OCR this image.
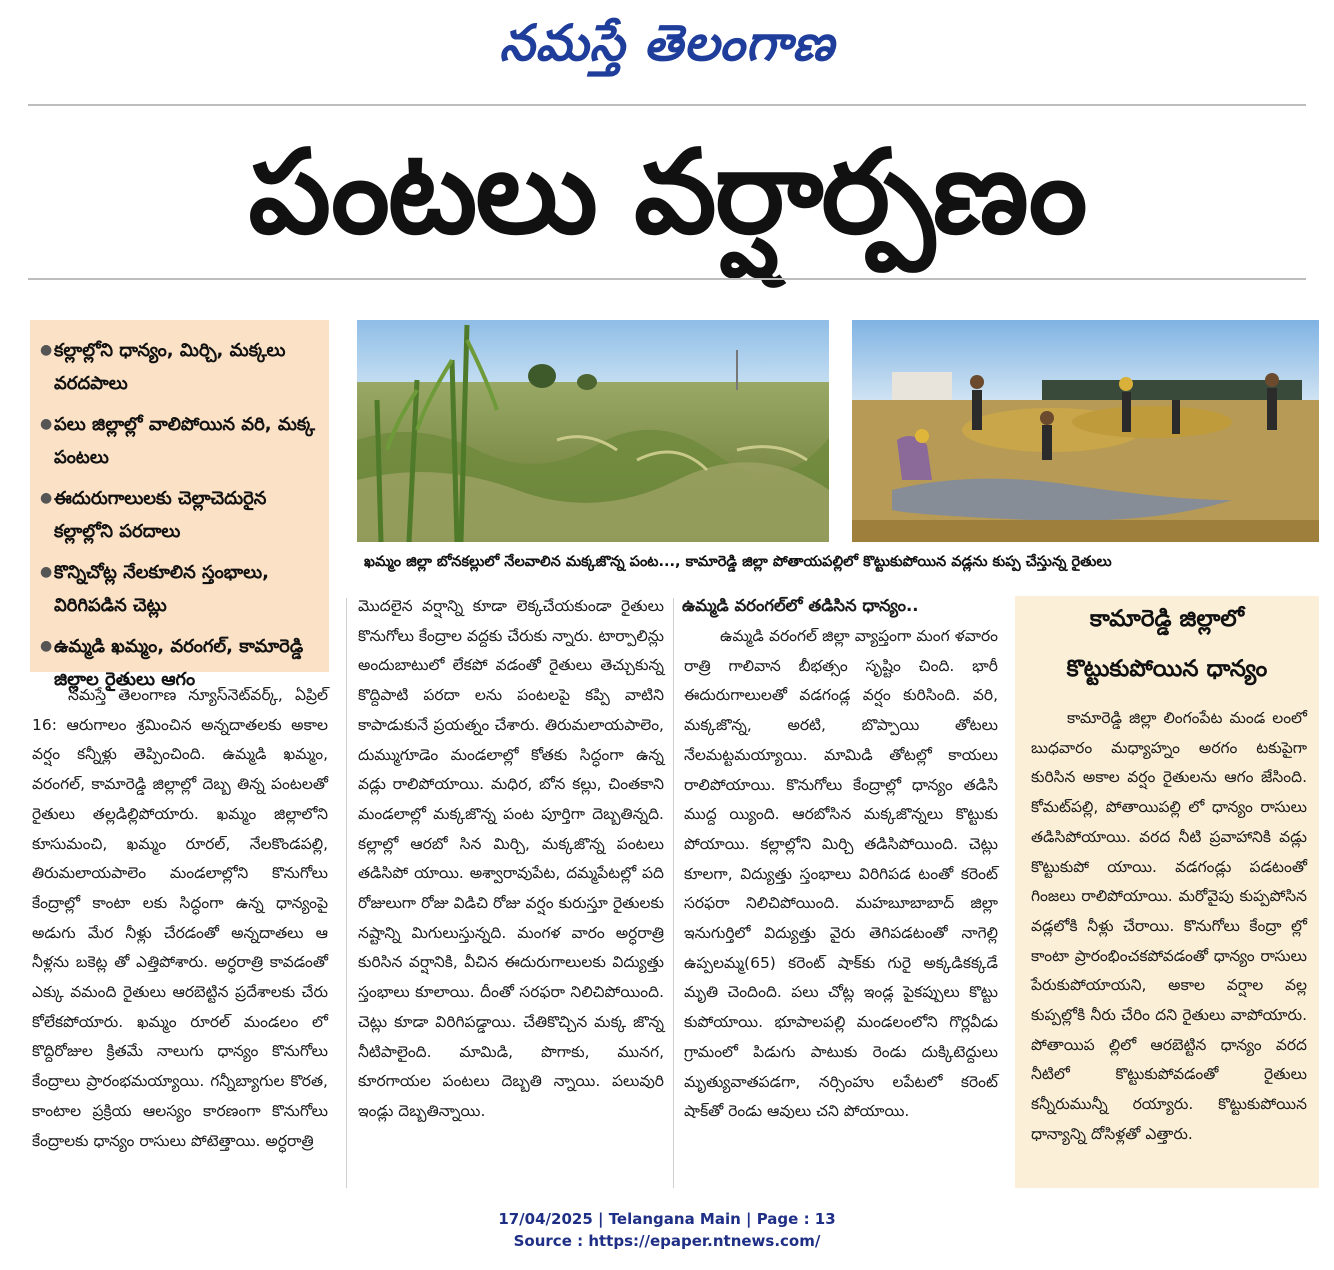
నమస్తే తెలంగాణ
పంటలు వర్షార్పణం
● కల్లాల్లోని ధాన్యం, మిర్చి, మక్కలు వరదపాలు
● పలు జిల్లాల్లో వాలిపోయిన వరి, మక్క పంటలు
● ఈదురుగాలులకు చెల్లాచెదురైన కల్లాల్లోని పరదాలు
● కొన్నిచోట్ల నేలకూలిన స్తంభాలు, విరిగిపడిన చెట్లు
● ఉమ్మడి ఖమ్మం, వరంగల్, కామారెడ్డి జిల్లాల రైతులు ఆగం
ఖమ్మం జిల్లా బోనకల్లులో నేలవాలిన మక్కజొన్న పంట..., కామారెడ్డి జిల్లా పోతాయపల్లిలో కొట్టుకుపోయిన వడ్లను కుప్ప చేస్తున్న రైతులు

నమస్తే తెలంగాణ న్యూస్‌నెట్‌వర్క్, ఏప్రిల్ 16: ఆరుగాలం శ్రమించిన అన్నదాతలకు అకాల వర్షం కన్నీళ్లు తెప్పించింది. ఉమ్మడి ఖమ్మం, వరంగల్, కామారెడ్డి జిల్లాల్లో దెబ్బ తిన్న పంటలతో రైతులు తల్లడిల్లిపోయారు. ఖమ్మం జిల్లాలోని కూసుమంచి, ఖమ్మం రూరల్, నేలకొండపల్లి, తిరుమలాయపాలెం మండలాల్లోని కొనుగోలు కేంద్రాల్లో కాంటా లకు సిద్ధంగా ఉన్న ధాన్యంపై అడుగు మేర నీళ్లు చేరడంతో అన్నదాతలు ఆ నీళ్లను బకెట్ల తో ఎత్తిపోశారు. అర్ధరాత్రి కావడంతో ఎక్కు వమంది రైతులు ఆరబెట్టిన ప్రదేశాలకు చేరు కోలేకపోయారు. ఖమ్మం రూరల్ మండలం లో కొద్దిరోజుల క్రితమే నాలుగు ధాన్యం కొనుగోలు కేంద్రాలు ప్రారంభమయ్యాయి. గన్నీబ్యాగుల కొరత, కాంటాల ప్రక్రియ ఆలస్యం కారణంగా కొనుగోలు కేంద్రాలకు ధాన్యం రాసులు పోటెత్తాయి. అర్ధరాత్రి

మొదలైన వర్షాన్ని కూడా లెక్కచేయకుండా రైతులు కొనుగోలు కేంద్రాల వద్దకు చేరుకు న్నారు. టార్పాలిన్లు అందుబాటులో లేకపో వడంతో రైతులు తెచ్చుకున్న కొద్దిపాటి పరదా లను పంటలపై కప్పి వాటిని కాపాడుకునే ప్రయత్నం చేశారు. తిరుమలాయపాలెం, దుమ్ముగూడెం మండలాల్లో కోతకు సిద్ధంగా ఉన్న వడ్లు రాలిపోయాయి. మధిర, బోన కల్లు, చింతకాని మండలాల్లో మక్కజొన్న పంట పూర్తిగా దెబ్బతిన్నది. కల్లాల్లో ఆరబో సిన మిర్చి, మక్కజొన్న పంటలు తడిసిపో యాయి. అశ్వారావుపేట, దమ్మపేటల్లో పది రోజులుగా రోజు విడిచి రోజు వర్షం కురుస్తూ రైతులకు నష్టాన్ని మిగులుస్తున్నది. మంగళ వారం అర్ధరాత్రి కురిసిన వర్షానికి, వీచిన ఈదురుగాలులకు విద్యుత్తు స్తంభాలు కూలాయి. దీంతో సరఫరా నిలిచిపోయింది. చెట్లు కూడా విరిగిపడ్డాయి. చేతికొచ్చిన మక్క జొన్న నీటిపాలైంది. మామిడి, పొగాకు, మునగ, కూరగాయల పంటలు దెబ్బతి న్నాయి. పలువురి ఇండ్లు దెబ్బతిన్నాయి.

ఉమ్మడి వరంగల్‌లో తడిసిన ధాన్యం..

ఉమ్మడి వరంగల్ జిల్లా వ్యాప్తంగా మంగ ళవారం రాత్రి గాలివాన బీభత్సం సృష్టిం చింది. భారీ ఈదురుగాలులతో వడగండ్ల వర్షం కురిసింది. వరి, మక్కజొన్న, అరటి, బొప్పాయి తోటలు నేలమట్టమయ్యాయి. మామిడి తోటల్లో కాయలు రాలిపోయాయి. కొనుగోలు కేంద్రాల్లో ధాన్యం తడిసి ముద్ద య్యింది. ఆరబోసిన మక్కజొన్నలు కొట్టుకు పోయాయి. కల్లాల్లోని మిర్చి తడిసిపోయింది. చెట్లు కూలగా, విద్యుత్తు స్తంభాలు విరిగిపడ టంతో కరెంట్ సరఫరా నిలిచిపోయింది. మహబూబాబాద్ జిల్లా ఇనుగుర్తిలో విద్యుత్తు వైరు తెగిపడటంతో నాగెల్లి ఉప్పలమ్మ(65) కరెంట్ షాక్‌కు గురై అక్కడికక్కడే మృతి చెందింది. పలు చోట్ల ఇండ్ల పైకప్పులు కొట్టు కుపోయాయి. భూపాలపల్లి మండలంలోని గొర్లవీడు గ్రామంలో పిడుగు పాటుకు రెండు దుక్కిటెద్దులు మృత్యువాతపడగా, నర్సింహు లపేటలో కరెంట్ షాక్‌తో రెండు ఆవులు చని పోయాయి.

కామారెడ్డి జిల్లాలో
కొట్టుకుపోయిన ధాన్యం

కామారెడ్డి జిల్లా లింగంపేట మండ లంలో బుధవారం మధ్యాహ్నం అరగం టకుపైగా కురిసిన అకాల వర్షం రైతులను ఆగం జేసింది. కోమట్‌పల్లి, పోతాయిపల్లి లో ధాన్యం రాసులు తడిసిపోయాయి. వరద నీటి ప్రవాహానికి వడ్లు కొట్టుకుపో యాయి. వడగండ్లు పడటంతో గింజలు రాలిపోయాయి. మరోవైపు కుప్పపోసిన వడ్లలోకి నీళ్లు చేరాయి. కొనుగోలు కేంద్రా ల్లో కాంటా ప్రారంభించకపోవడంతో ధాన్యం రాసులు పేరుకుపోయాయని, అకాల వర్షాల వల్ల కుప్పల్లోకి నీరు చేరిం దని రైతులు వాపోయారు. పోతాయిప ల్లిలో ఆరబెట్టిన ధాన్యం వరద నీటిలో కొట్టుకుపోవడంతో రైతులు కన్నీరుమున్నీ రయ్యారు. కొట్టుకుపోయిన ధాన్యాన్ని దోసిళ్లతో ఎత్తారు.

17/04/2025 | Telangana Main | Page : 13
Source : https://epaper.ntnews.com/
